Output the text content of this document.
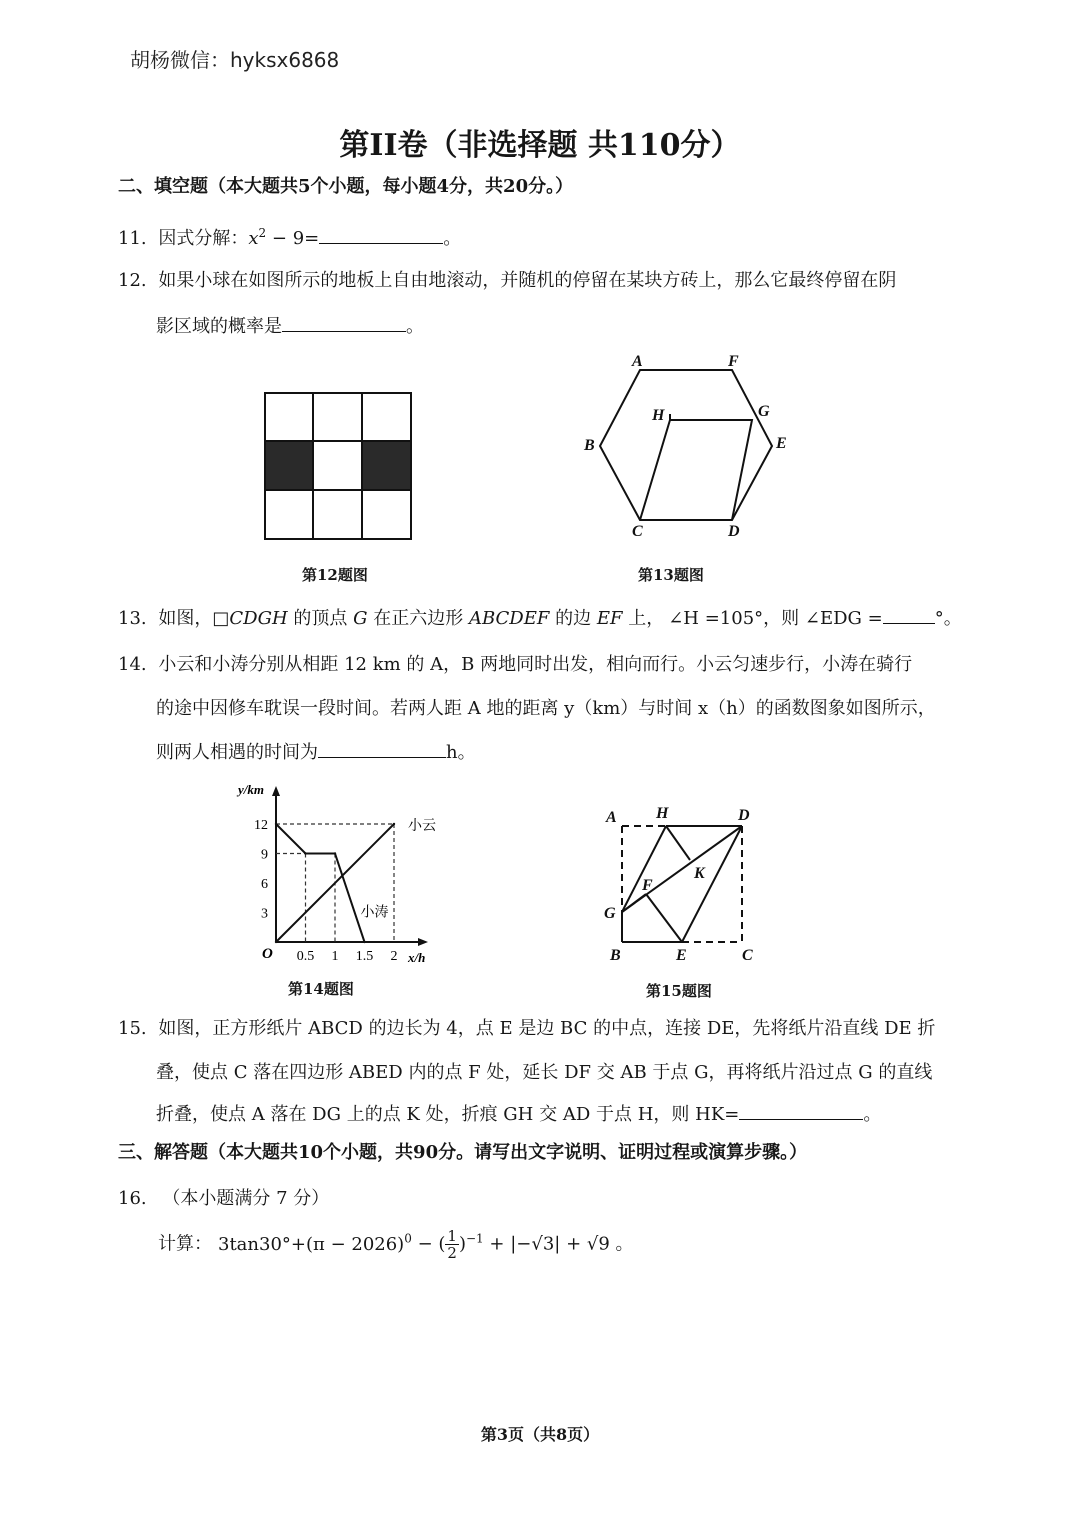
胡杨微信：hyksx6868
第II卷（非选择题 共110分）
二、填空题（本大题共5个小题，每小题4分，共20分。）
11. 因式分解：$x^2 - 9=$	。
12. 如果小球在如图所示的地板上自由地滚动，并随机的停留在某块方砖上，那么它最终停留在阴
影区域的概率是	。
第12题图
A	F
B	E
C	D
H	G
第13题图
13. 如图，□CDGH 的顶点 G 在正六边形 ABCDEF 的边 EF 上， ∠H =105°，则 ∠EDG =	°。
14. 小云和小涛分别从相距 12 km 的 A，B 两地同时出发，相向而行。小云匀速步行，小涛在骑行
的途中因修车耽误一段时间。若两人距 A 地的距离 y（km）与时间 x（h）的函数图象如图所示，
则两人相遇的时间为	h。
x/h
y/km
O 0.5 1 1.5 2
3
6
9
12	小云
小涛
第14题图
A H	D
K
F
G
B	E	C
第15题图
15. 如图，正方形纸片 ABCD 的边长为 4，点 E 是边 BC 的中点，连接 DE，先将纸片沿直线 DE 折
叠，使点 C 落在四边形 ABED 内的点 F 处，延长 DF 交 AB 于点 G，再将纸片沿过点 G 的直线
折叠，使点 A 落在 DG 上的点 K 处，折痕 GH 交 AD 于点 H，则 HK=	。
三、解答题（本大题共10个小题，共90分。请写出文字说明、证明过程或演算步骤。）
16. （本小题满分 7 分）
计算： $3\tan 30^\circ+(\pi - 2026)^0$ − ( $\frac{1}{2} )^{-1} + |-√3| + √9$ 。
第3页（共8页）
